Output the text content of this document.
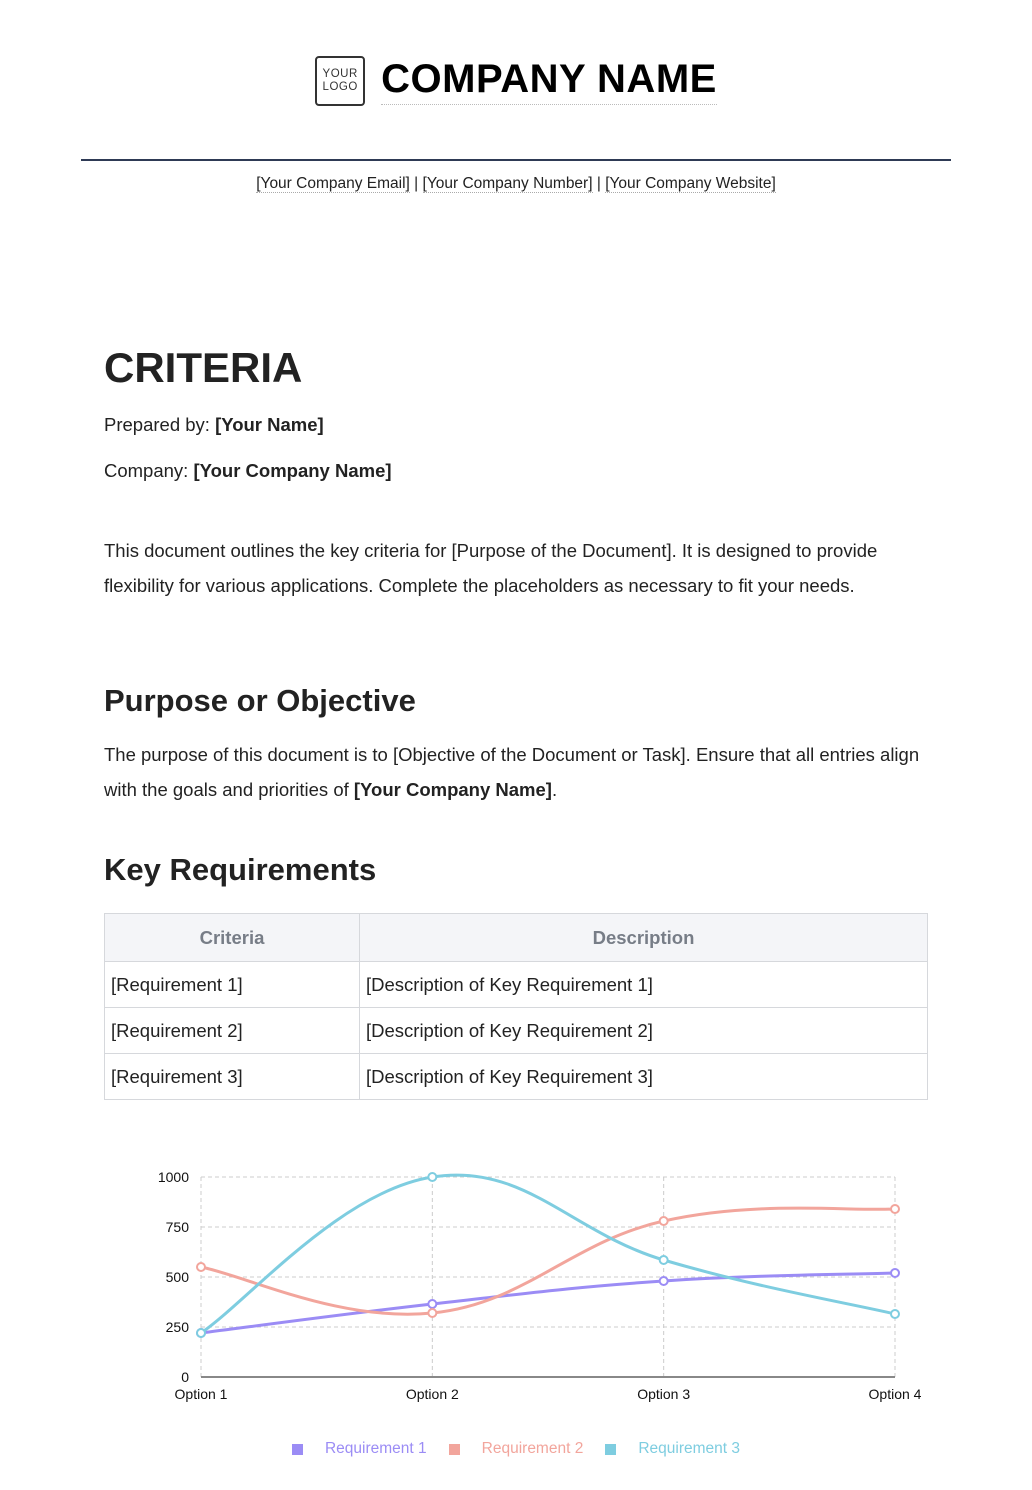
YOUR
LOGO COMPANY NAME
[Your Company Email] | [Your Company Number] | [Your Company Website]
CRITERIA
Prepared by: [Your Name]
Company: [Your Company Name]
This document outlines the key criteria for [Purpose of the Document]. It is designed to provide flexibility for various applications. Complete the placeholders as necessary to fit your needs.
Purpose or Objective
The purpose of this document is to [Objective of the Document or Task]. Ensure that all entries align with the goals and priorities of [Your Company Name].
Key Requirements
Criteria	Description
[Requirement 1]	[Description of Key Requirement 1]
[Requirement 2]	[Description of Key Requirement 2]
[Requirement 3]	[Description of Key Requirement 3]
0
250
500
750
1000
Option 1	Option 2	Option 3	Option 4
Requirement 1	Requirement 2	Requirement 3
